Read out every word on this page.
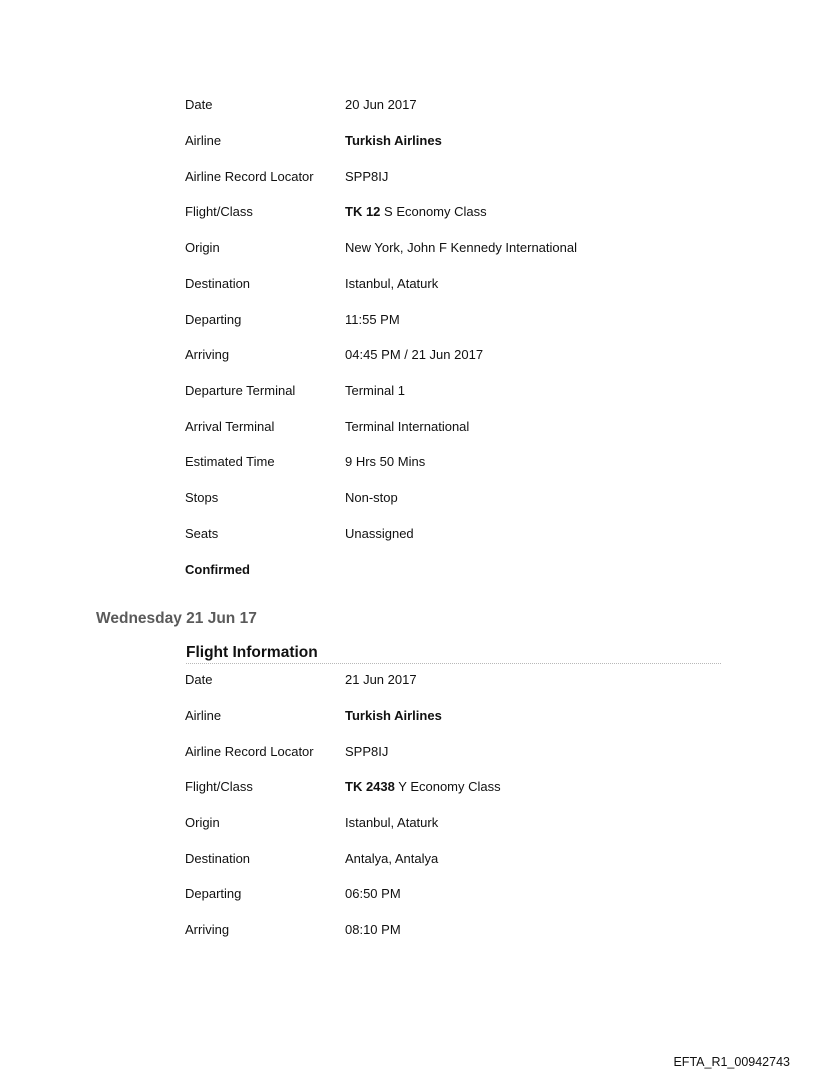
Date	20 Jun 2017
Airline	Turkish Airlines
Airline Record Locator	SPP8IJ
Flight/Class	TK 12 S Economy Class
Origin	New York, John F Kennedy International
Destination	Istanbul, Ataturk
Departing	11:55 PM
Arriving	04:45 PM / 21 Jun 2017
Departure Terminal	Terminal 1
Arrival Terminal	Terminal International
Estimated Time	9 Hrs 50 Mins
Stops	Non-stop
Seats	Unassigned
Confirmed
Wednesday 21 Jun 17
Flight Information
Date	21 Jun 2017
Airline	Turkish Airlines
Airline Record Locator	SPP8IJ
Flight/Class	TK 2438 Y Economy Class
Origin	Istanbul, Ataturk
Destination	Antalya, Antalya
Departing	06:50 PM
Arriving	08:10 PM
EFTA_R1_00942743
